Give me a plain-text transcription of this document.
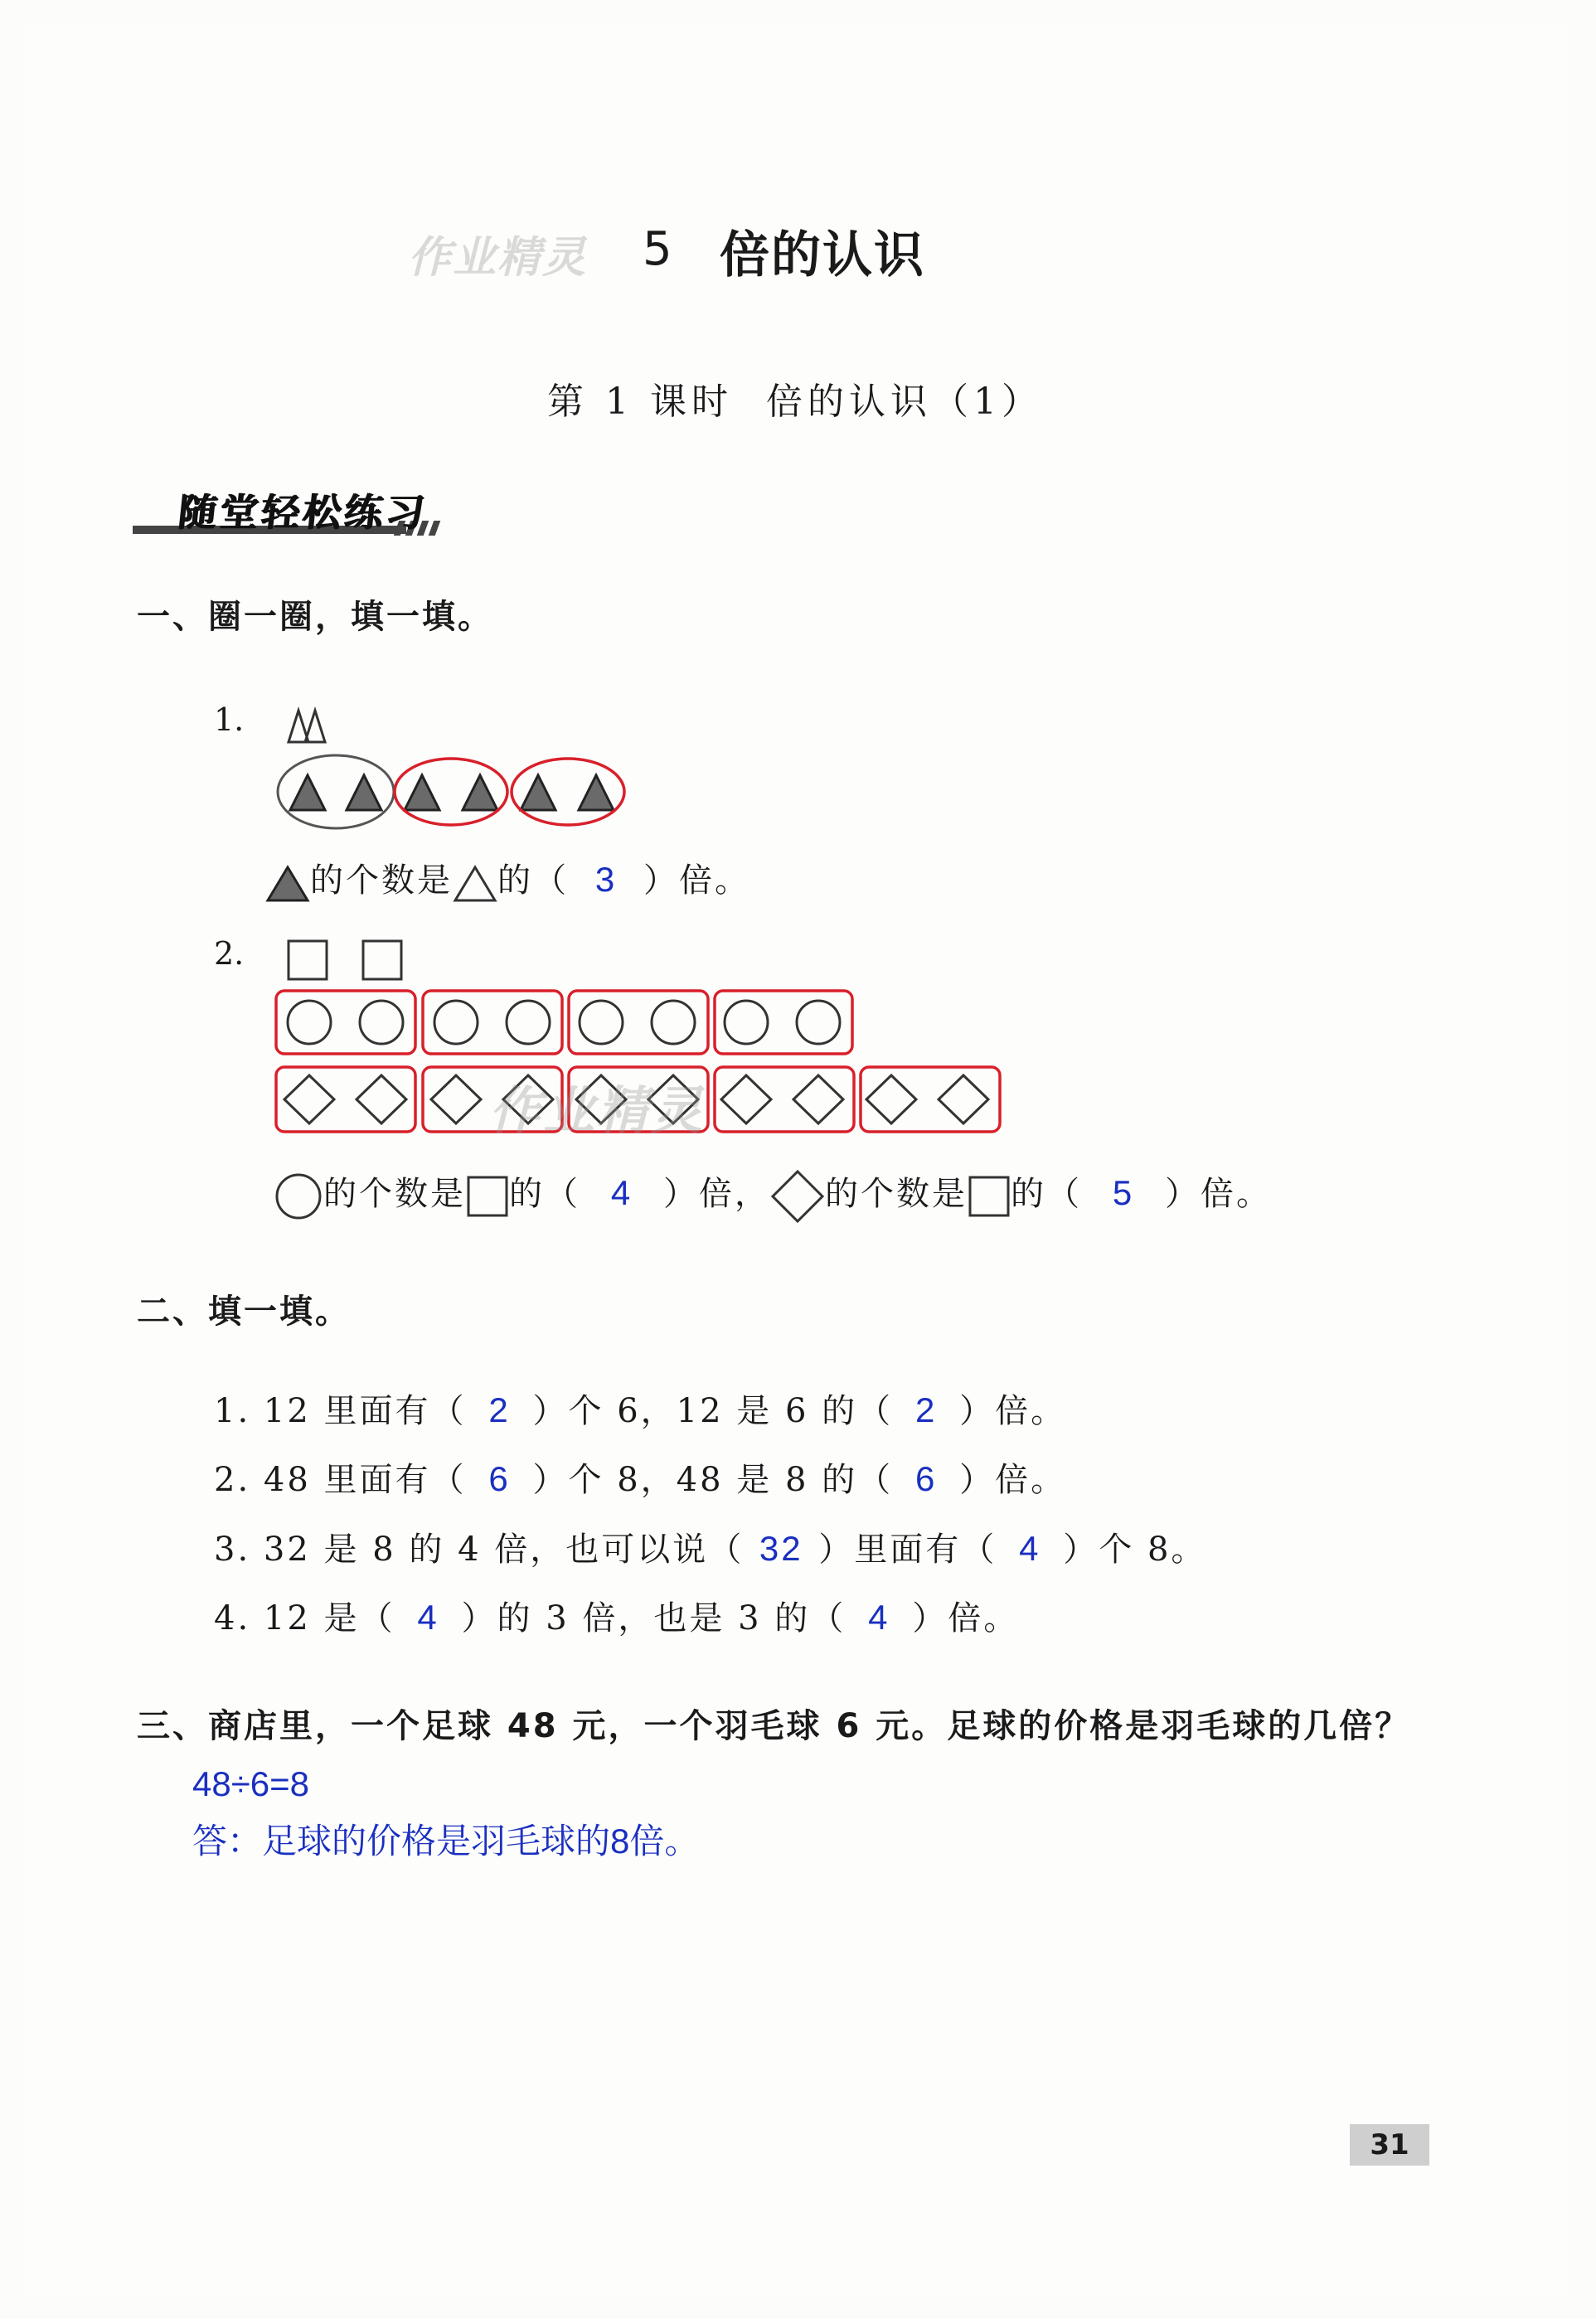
作业精灵 5 倍的认识
第 1 课时 倍的认识（1）
随堂轻松练习
一、圈一圈，填一填。
1.
的个数是 的（ 3 ）倍。
2.
作业精灵
的个数是 的（ 4 ）倍， 的个数是 的（ 5 ）倍。
二、填一填。
1. 12 里面有（ 2 ）个 6，12 是 6 的（ 2 ）倍。
2. 48 里面有（ 6 ）个 8，48 是 8 的（ 6 ）倍。
3. 32 是 8 的 4 倍，也可以说（ 32 ）里面有（ 4 ）个 8。
4. 12 是（ 4 ）的 3 倍，也是 3 的（ 4 ）倍。
三、商店里，一个足球 48 元，一个羽毛球 6 元。足球的价格是羽毛球的几倍？
48÷6=8
答：足球的价格是羽毛球的8倍。
31
